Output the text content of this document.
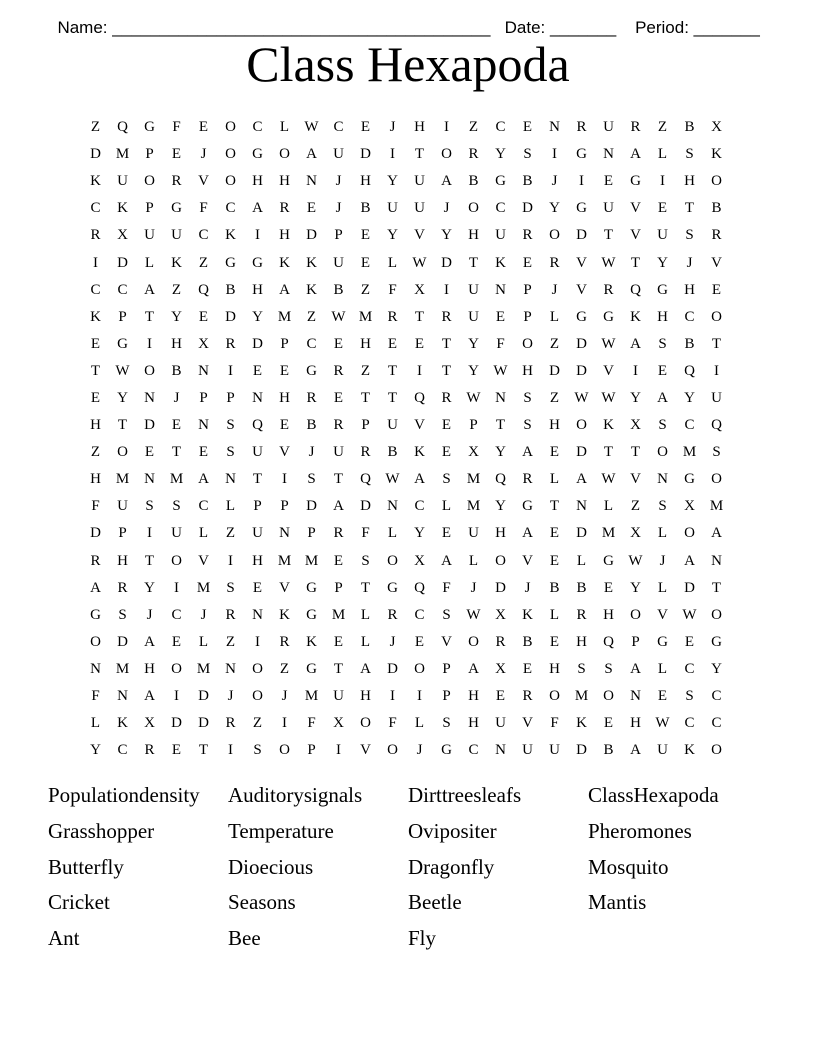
Name: ________________________________________ Date: _______ Period: _______

Class Hexapoda
Z	Q	G	F	E	O	C	L	W C	E	J	H	I	Z	C	E	N	R	U	R	Z	B	X
D M	P	E	J	O	G	O	A	U	D	I	T	O	R	Y	S	I	G	N	A	L	S	K
K	U	O	R	V	O	H	H	N	J	H	Y	U	A	B	G	B	J	I	E	G	I	H	O
C	K	P	G	F	C	A	R	E	J	B	U	U	J	O	C	D	Y	G	U	V	E	T	B
R	X	U	U	C	K	I	H	D	P	E	Y	V	Y	H	U	R	O	D	T	V	U	S	R
I	D	L	K	Z	G	G	K	K	U	E	L	W D	T	K	E	R	V W	T	Y	J	V
C	C	A	Z	Q	B	H	A	K	B	Z	F	X	I	U	N	P	J	V	R	Q	G	H	E
K	P	T	Y	E	D	Y M	Z	W M	R	T	R	U	E	P	L	G	G	K	H	C	O
E	G	I	H	X	R	D	P	C	E	H	E	E	T	Y	F	O	Z	D W A	S	B	T
T	W O	B	N	I	E	E	G	R	Z	T	I	T	Y W H	D	D	V	I	E	Q	I
E	Y	N	J	P	P	N	H	R	E	T	T	Q	R W N	S	Z	W W Y	A	Y	U
H	T	D	E	N	S	Q	E	B	R	P	U	V	E	P	T	S	H	O	K	X	S	C	Q
Z	O	E	T	E	S	U	V	J	U	R	B	K	E	X	Y	A	E	D	T	T	O M	S
H M N M A	N	T	I	S	T	Q W A	S	M Q	R	L	A W V	N	G	O
F	U	S	S	C	L	P	P	D	A	D	N	C	L	M Y	G	T	N	L	Z	S	X M
D	P	I	U	L	Z	U	N	P	R	F	L	Y	E	U	H	A	E	D M X	L	O	A
R	H	T	O	V	I	H M M	E	S	O	X	A	L	O	V	E	L	G W	J	A	N
A	R	Y	I	M	S	E	V	G	P	T	G	Q	F	J	D	J	B	B	E	Y	L	D	T
G	S	J	C	J	R	N	K	G M	L	R	C	S	W X	K	L	R	H	O	V W O
O	D	A	E	L	Z	I	R	K	E	L	J	E	V	O	R	B	E	H	Q	P	G	E	G
N M H	O M N	O	Z	G	T	A	D	O	P	A	X	E	H	S	S	A	L	C	Y
F	N	A	I	D	J	O	J	M U	H	I	I	P	H	E	R	O M O	N	E	S	C
L	K	X	D	D	R	Z	I	F	X	O	F	L	S	H	U	V	F	K	E	H W C	C
Y	C	R	E	T	I	S	O	P	I	V	O	J	G	C	N	U	U	D	B	A	U	K	O
Populationdensity	Auditorysignals	Dirttreesleafs	ClassHexapoda
Grasshopper	Temperature	Ovipositer	Pheromones
Butterfly	Dioecious	Dragonfly	Mosquito
Cricket	Seasons	Beetle	Mantis
Ant	Bee	Fly
